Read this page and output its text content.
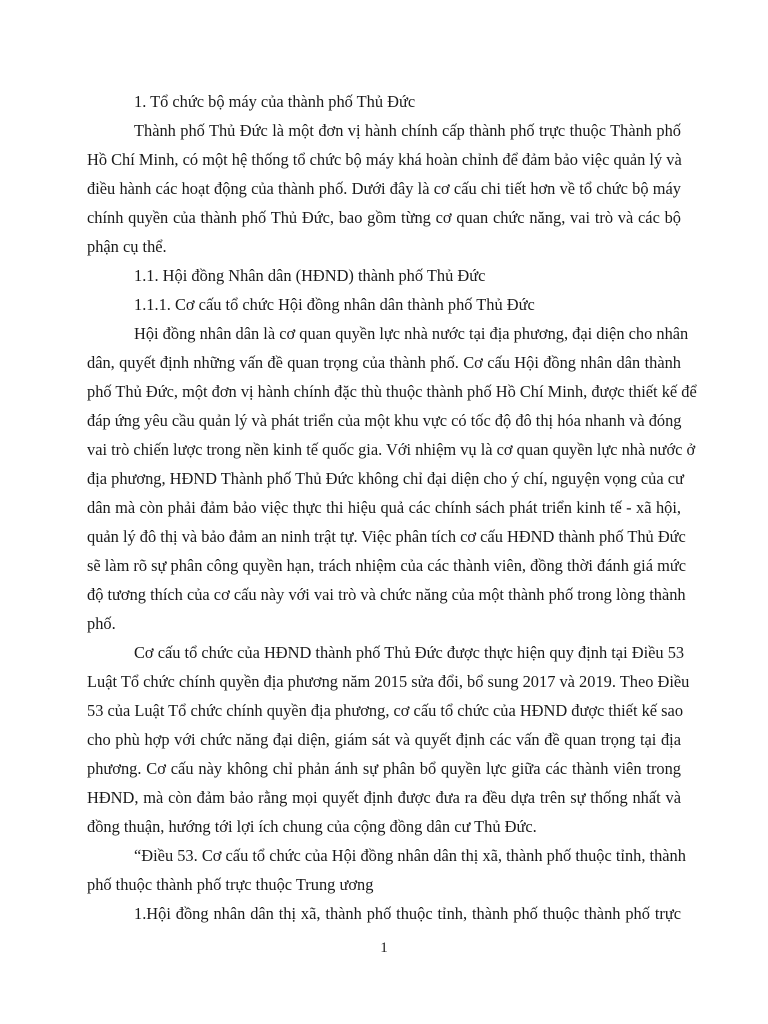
1. Tổ chức bộ máy của thành phố Thủ Đức
Thành phố Thủ Đức là một đơn vị hành chính cấp thành phố trực thuộc Thành phố
Hồ Chí Minh, có một hệ thống tổ chức bộ máy khá hoàn chỉnh để đảm bảo việc quản lý và
điều hành các hoạt động của thành phố. Dưới đây là cơ cấu chi tiết hơn về tổ chức bộ máy
chính quyền của thành phố Thủ Đức, bao gồm từng cơ quan chức năng, vai trò và các bộ
phận cụ thể.
1.1. Hội đồng Nhân dân (HĐND) thành phố Thủ Đức
1.1.1. Cơ cấu tổ chức Hội đồng nhân dân thành phố Thủ Đức
Hội đồng nhân dân là cơ quan quyền lực nhà nước tại địa phương, đại diện cho nhân
dân, quyết định những vấn đề quan trọng của thành phố. Cơ cấu Hội đồng nhân dân thành
phố Thủ Đức, một đơn vị hành chính đặc thù thuộc thành phố Hồ Chí Minh, được thiết kế để
đáp ứng yêu cầu quản lý và phát triển của một khu vực có tốc độ đô thị hóa nhanh và đóng
vai trò chiến lược trong nền kinh tế quốc gia. Với nhiệm vụ là cơ quan quyền lực nhà nước ở
địa phương, HĐND Thành phố Thủ Đức không chỉ đại diện cho ý chí, nguyện vọng của cư
dân mà còn phải đảm bảo việc thực thi hiệu quả các chính sách phát triển kinh tế - xã hội,
quản lý đô thị và bảo đảm an ninh trật tự. Việc phân tích cơ cấu HĐND thành phố Thủ Đức
sẽ làm rõ sự phân công quyền hạn, trách nhiệm của các thành viên, đồng thời đánh giá mức
độ tương thích của cơ cấu này với vai trò và chức năng của một thành phố trong lòng thành
phố.
Cơ cấu tổ chức của HĐND thành phố Thủ Đức được thực hiện quy định tại Điều 53
Luật Tổ chức chính quyền địa phương năm 2015 sửa đổi, bổ sung 2017 và 2019. Theo Điều
53 của Luật Tổ chức chính quyền địa phương, cơ cấu tổ chức của HĐND được thiết kế sao
cho phù hợp với chức năng đại diện, giám sát và quyết định các vấn đề quan trọng tại địa
phương. Cơ cấu này không chỉ phản ánh sự phân bổ quyền lực giữa các thành viên trong
HĐND, mà còn đảm bảo rằng mọi quyết định được đưa ra đều dựa trên sự thống nhất và
đồng thuận, hướng tới lợi ích chung của cộng đồng dân cư Thủ Đức.
“Điều 53. Cơ cấu tổ chức của Hội đồng nhân dân thị xã, thành phố thuộc tỉnh, thành
phố thuộc thành phố trực thuộc Trung ương
1.Hội đồng nhân dân thị xã, thành phố thuộc tỉnh, thành phố thuộc thành phố trực
1
